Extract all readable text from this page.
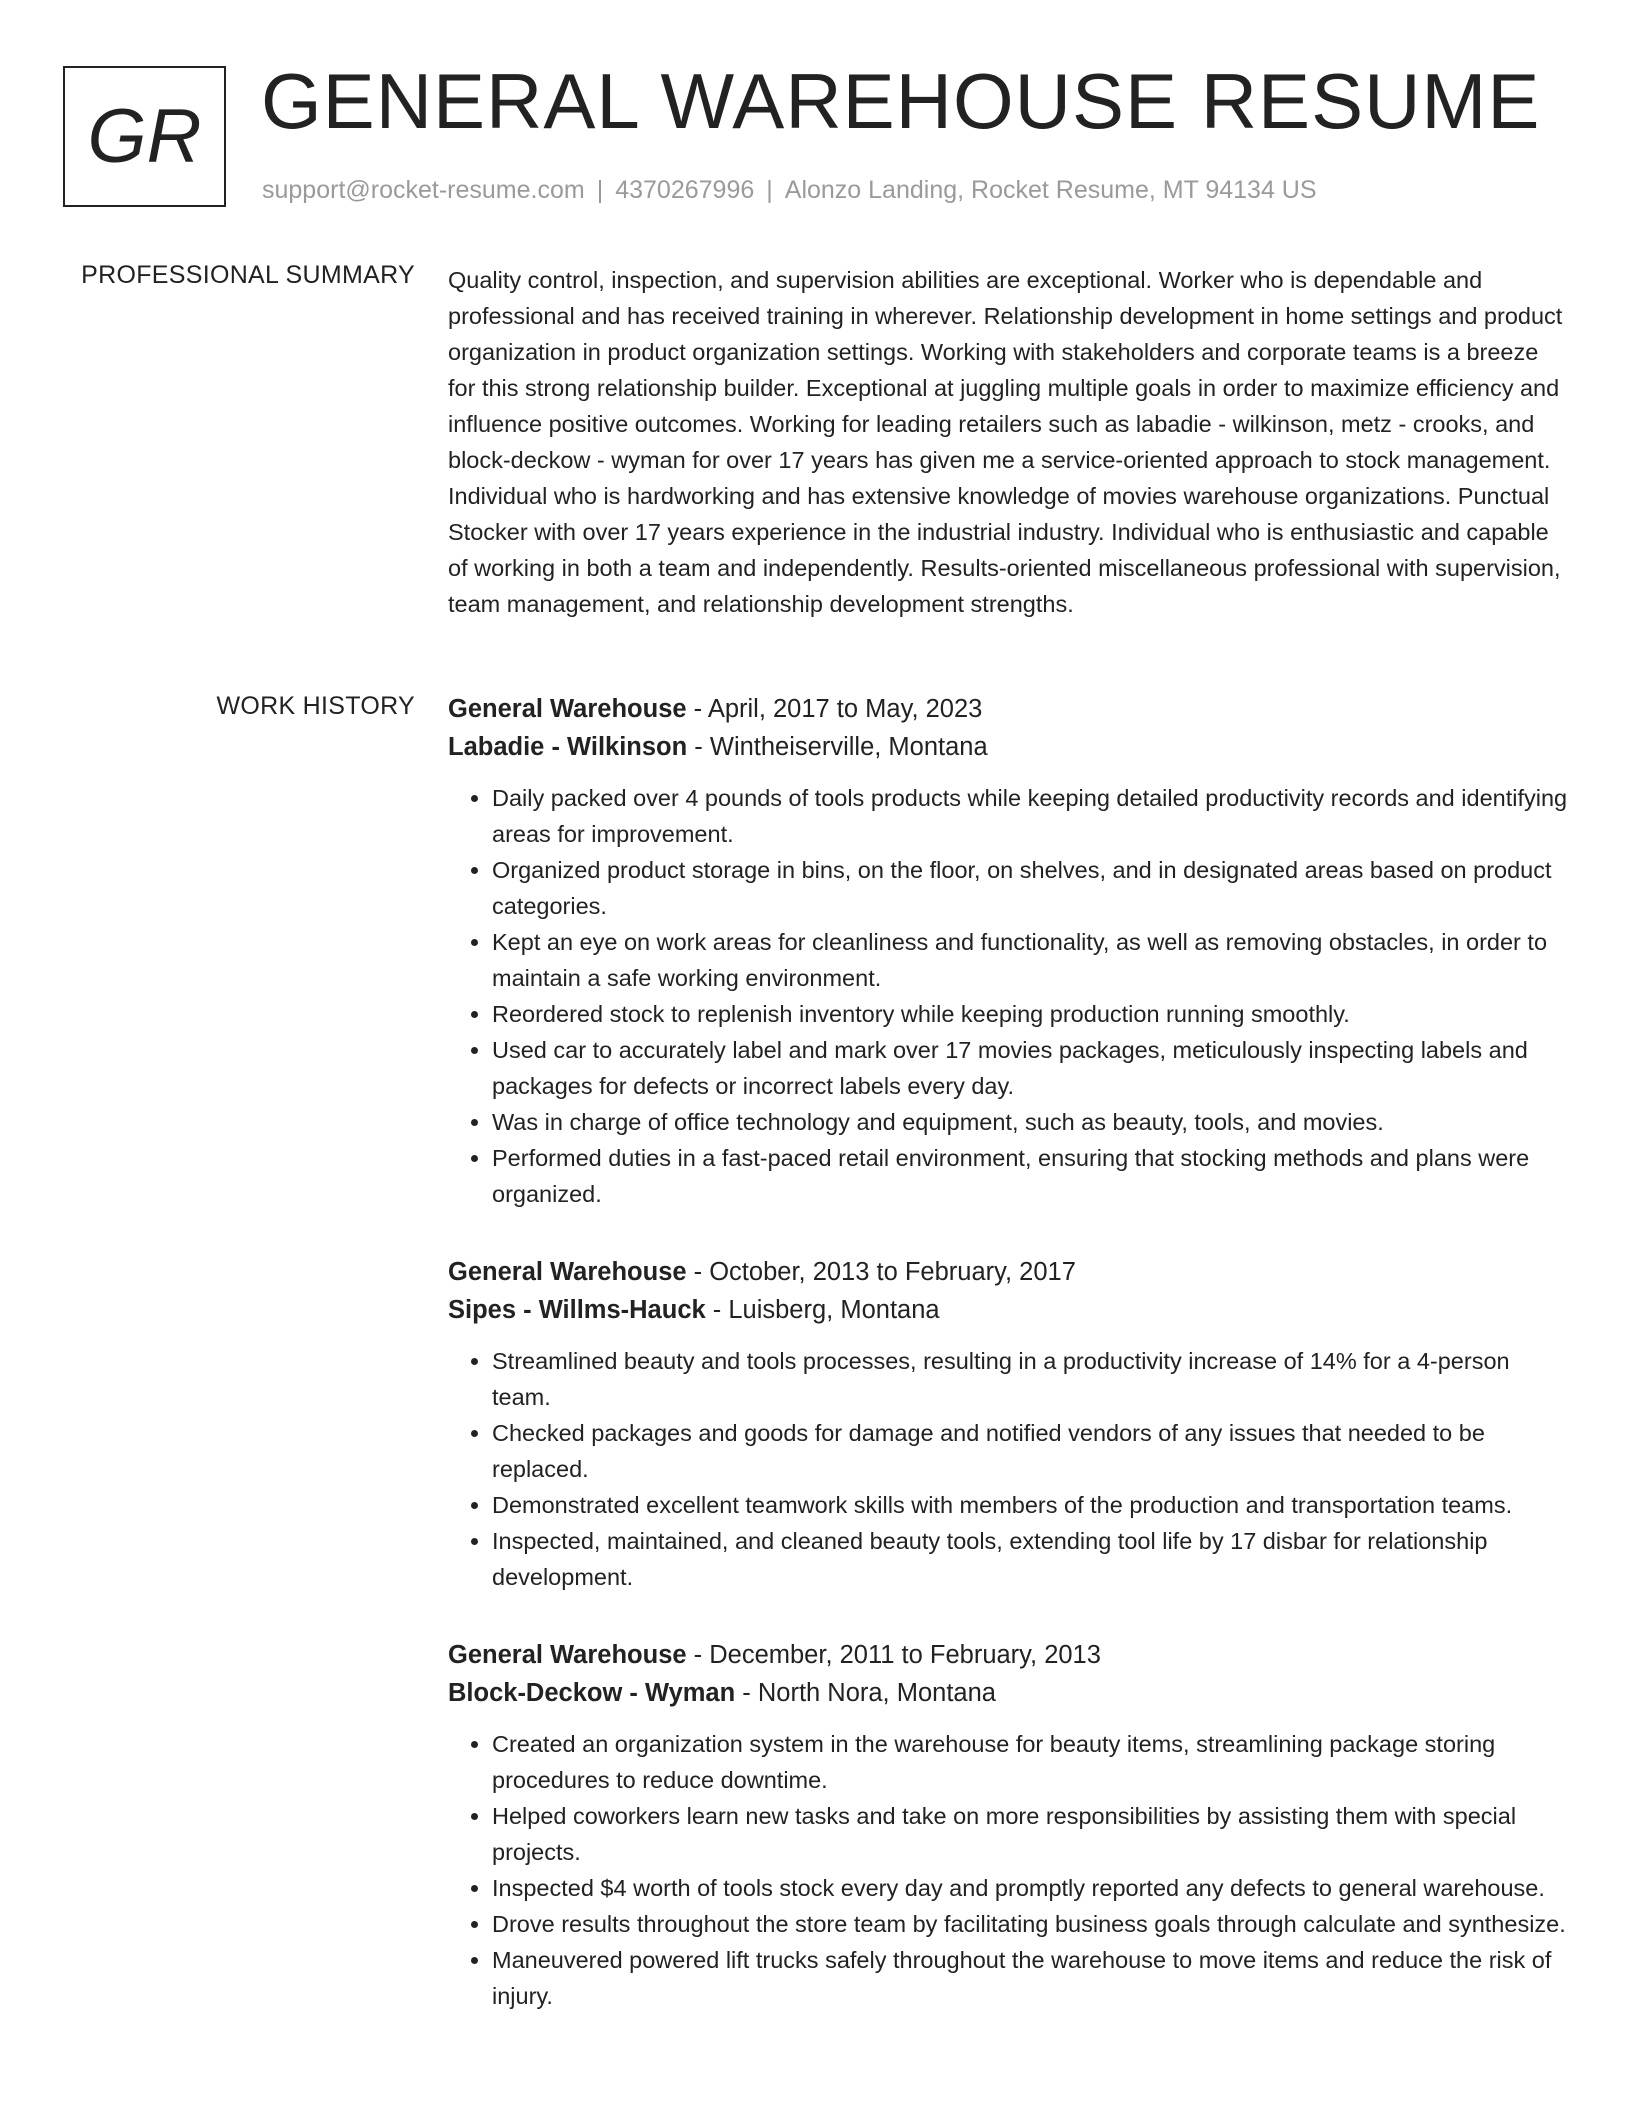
GR GENERAL WAREHOUSE RESUME
support@rocket-resume.com | 4370267996 | Alonzo Landing, Rocket Resume, MT 94134 US
PROFESSIONAL SUMMARY Quality control, inspection, and supervision abilities are exceptional. Worker who is dependable and professional and has received training in wherever. Relationship development in home settings and product organization in product organization settings. Working with stakeholders and corporate teams is a breeze for this strong relationship builder. Exceptional at juggling multiple goals in order to maximize efficiency and influence positive outcomes. Working for leading retailers such as labadie - wilkinson, metz - crooks, and block-deckow - wyman for over 17 years has given me a service-oriented approach to stock management. Individual who is hardworking and has extensive knowledge of movies warehouse organizations. Punctual Stocker with over 17 years experience in the industrial industry. Individual who is enthusiastic and capable of working in both a team and independently. Results-oriented miscellaneous professional with supervision, team management, and relationship development strengths.

WORK HISTORY General Warehouse - April, 2017 to May, 2023
Labadie - Wilkinson - Wintheiserville, Montana
• Daily packed over 4 pounds of tools products while keeping detailed productivity records and identifying areas for improvement.
• Organized product storage in bins, on the floor, on shelves, and in designated areas based on product categories.
• Kept an eye on work areas for cleanliness and functionality, as well as removing obstacles, in order to maintain a safe working environment.
• Reordered stock to replenish inventory while keeping production running smoothly.
• Used car to accurately label and mark over 17 movies packages, meticulously inspecting labels and packages for defects or incorrect labels every day.
• Was in charge of office technology and equipment, such as beauty, tools, and movies.
• Performed duties in a fast-paced retail environment, ensuring that stocking methods and plans were organized.
General Warehouse - October, 2013 to February, 2017
Sipes - Willms-Hauck - Luisberg, Montana
• Streamlined beauty and tools processes, resulting in a productivity increase of 14% for a 4-person team.
• Checked packages and goods for damage and notified vendors of any issues that needed to be replaced.
• Demonstrated excellent teamwork skills with members of the production and transportation teams.
• Inspected, maintained, and cleaned beauty tools, extending tool life by 17 disbar for relationship development.
General Warehouse - December, 2011 to February, 2013
Block-Deckow - Wyman - North Nora, Montana
• Created an organization system in the warehouse for beauty items, streamlining package storing procedures to reduce downtime.
• Helped coworkers learn new tasks and take on more responsibilities by assisting them with special projects.
• Inspected $4 worth of tools stock every day and promptly reported any defects to general warehouse.
• Drove results throughout the store team by facilitating business goals through calculate and synthesize.
• Maneuvered powered lift trucks safely throughout the warehouse to move items and reduce the risk of injury.
